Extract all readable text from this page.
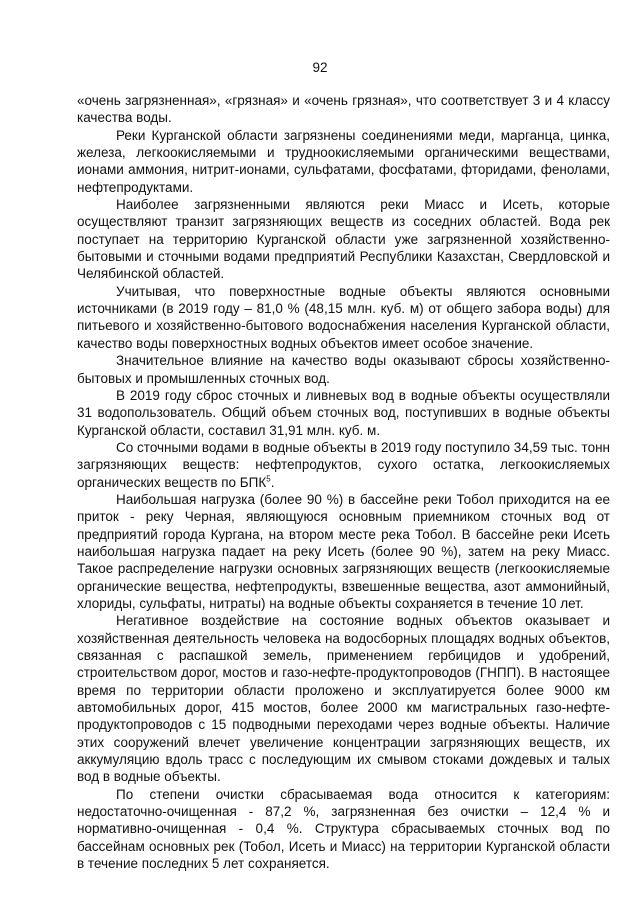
92

«очень загрязненная», «грязная» и «очень грязная», что соответствует 3 и 4 классу качества воды.

Реки Курганской области загрязнены соединениями меди, марганца, цинка, железа, легкоокисляемыми и трудноокисляемыми органическими веществами, ионами аммония, нитрит-ионами, сульфатами, фосфатами, фторидами, фенолами, нефтепродуктами.

Наиболее загрязненными являются реки Миасс и Исеть, которые осуществляют транзит загрязняющих веществ из соседних областей. Вода рек поступает на территорию Курганской области уже загрязненной хозяйственно-бытовыми и сточными водами предприятий Республики Казахстан, Свердловской и Челябинской областей.

Учитывая, что поверхностные водные объекты являются основными источниками (в 2019 году – 81,0 % (48,15 млн. куб. м) от общего забора воды) для питьевого и хозяйственно-бытового водоснабжения населения Курганской области, качество воды поверхностных водных объектов имеет особое значение.

Значительное влияние на качество воды оказывают сбросы хозяйственно-бытовых и промышленных сточных вод.

В 2019 году сброс сточных и ливневых вод в водные объекты осуществляли 31 водопользователь. Общий объем сточных вод, поступивших в водные объекты Курганской области, составил 31,91 млн. куб. м.

Со сточными водами в водные объекты в 2019 году поступило 34,59 тыс. тонн загрязняющих веществ: нефтепродуктов, сухого остатка, легкоокисляемых органических веществ по БПК$^5$.

Наибольшая нагрузка (более 90 %) в бассейне реки Тобол приходится на ее приток - реку Черная, являющуюся основным приемником сточных вод от предприятий города Кургана, на втором месте река Тобол. В бассейне реки Исеть наибольшая нагрузка падает на реку Исеть (более 90 %), затем на реку Миасс. Такое распределение нагрузки основных загрязняющих веществ (легкоокисляемые органические вещества, нефтепродукты, взвешенные вещества, азот аммонийный, хлориды, сульфаты, нитраты) на водные объекты сохраняется в течение 10 лет.

Негативное воздействие на состояние водных объектов оказывает и хозяйственная деятельность человека на водосборных площадях водных объектов, связанная с распашкой земель, применением гербицидов и удобрений, строительством дорог, мостов и газо-нефте-продуктопроводов (ГНПП). В настоящее время по территории области проложено и эксплуатируется более 9000 км автомобильных дорог, 415 мостов, более 2000 км магистральных газо-нефте-продуктопроводов с 15 подводными переходами через водные объекты. Наличие этих сооружений влечет увеличение концентрации загрязняющих веществ, их аккумуляцию вдоль трасс с последующим их смывом стоками дождевых и талых вод в водные объекты.

По степени очистки сбрасываемая вода относится к категориям: недостаточно-очищенная - 87,2 %, загрязненная без очистки – 12,4 % и нормативно-очищенная - 0,4 %. Структура сбрасываемых сточных вод по бассейнам основных рек (Тобол, Исеть и Миасс) на территории Курганской области в течение последних 5 лет сохраняется.
